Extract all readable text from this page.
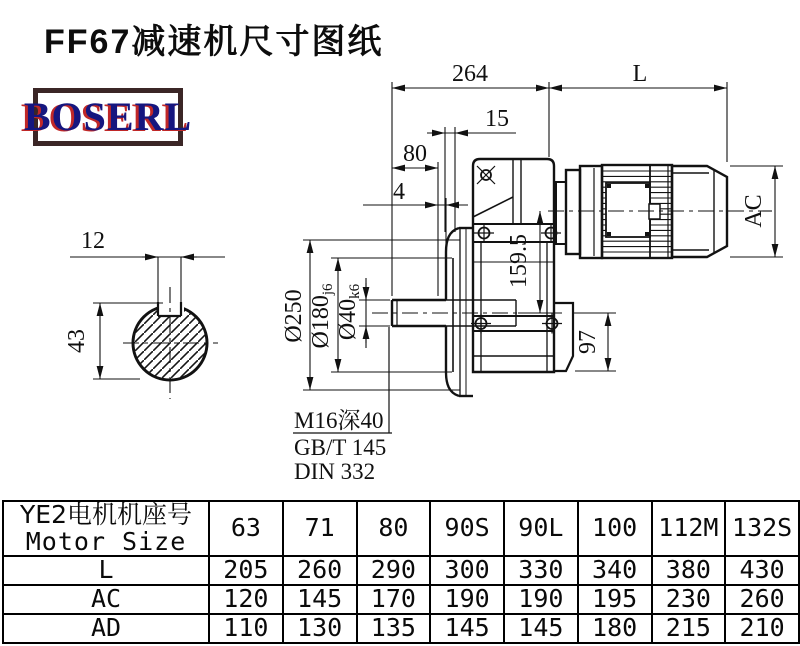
FF67减速机尺寸图纸
BOSERL
12
43
264	L
15
80
4
Ø250 Ø180j6
Ø40k6
159.5
97
AC
M16深40
GB/T 145
DIN 332
YE2电机机座号
Motor Size	63	71	80	90S	90L	100	112M	132S
L	205	260	290	300	330	340	380	430
AC	120	145	170	190	190	195	230	260
AD	110	130	135	145	145	180	215	210
